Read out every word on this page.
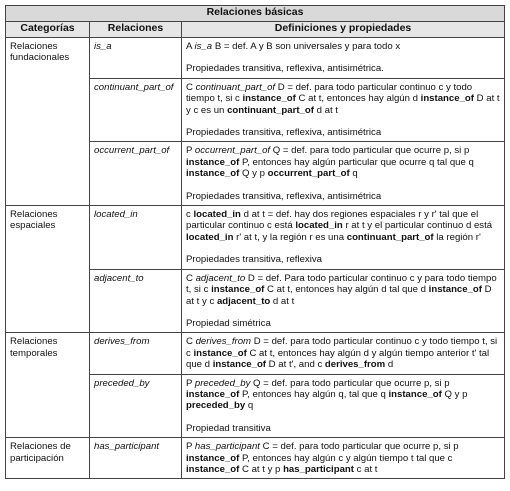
Relaciones básicas		
Categorías	Relaciones	Definiciones y propiedades
Relaciones fundacionales	is_a	A is_a B = def. A y B son universales y para todo x
Propiedades transitiva, reflexiva, antisimétrica.

	continuant_part_of	C continuant_part_of D = def. para todo particular continuo c y todo tiempo t, si c instance_of C at t, entonces hay algún d instance_of D at t y c es un continuant_part_of d at t
Propiedades transitiva, reflexiva, antisimétrica

	occurrent_part_of	P occurrent_part_of Q = def. para todo particular que ocurre p, si p instance_of P, entonces hay algún particular que ocurre q tal que q instance_of Q y p occurrent_part_of q
Propiedades transitiva, reflexiva, antisimétrica

Relaciones espaciales	located_in	c located_in d at t = def. hay dos regiones espaciales r y r' tal que el particular continuo c está located_in r at t y el particular continuo d está located_in r' at t, y la región r es una continuant_part_of la región r'
Propiedades transitiva, reflexiva

	adjacent_to	C adjacent_to D = def. Para todo particular continuo c y para todo tiempo t, si c instance_of C at t, entonces hay algún d tal que d instance_of D at t y c adjacent_to d at t
Propiedad simétrica

Relaciones temporales	derives_from	C derives_from D = def. para todo particular continuo c y todo tiempo t, si c instance_of C at t, entonces hay algún d y algún tiempo anterior t' tal que d instance_of D at t', and c derives_from d

	preceded_by	P preceded_by Q = def. para todo particular que ocurre p, si p instance_of P, entonces hay algún q, tal que q instance_of Q y p preceded_by q
Propiedad transitiva

Relaciones de participación	has_participant	P has_participant C = def. para todo particular que ocurre p, si p instance_of P, entonces hay algún c y algún tiempo t tal que c instance_of C at t y p has_participant c at t
